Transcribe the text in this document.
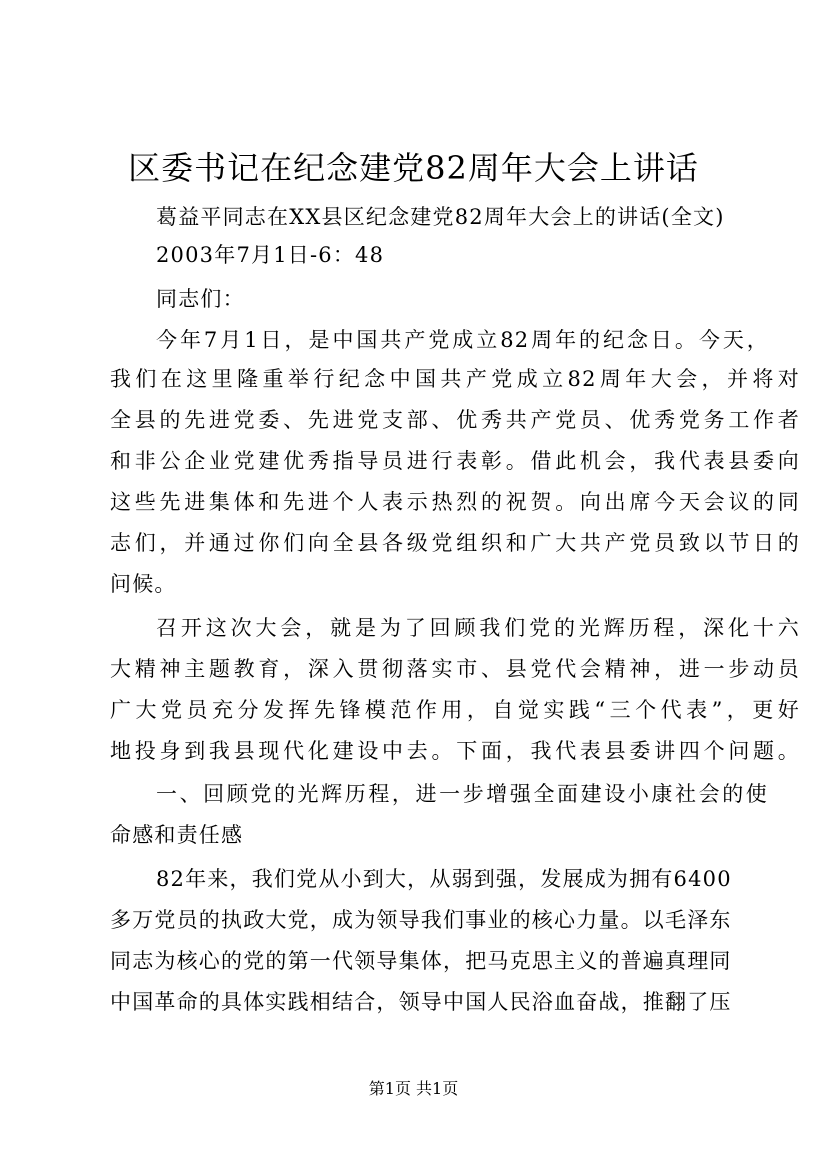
区委书记在纪念建党82周年大会上讲话
葛益平同志在XX县区纪念建党82周年大会上的讲话(全文)
2003年7月1日-6：48
同志们：
今年7月1日，是中国共产党成立82周年的纪念日。今天，
我们在这里隆重举行纪念中国共产党成立82周年大会，并将对
全县的先进党委、先进党支部、优秀共产党员、优秀党务工作者
和非公企业党建优秀指导员进行表彰。借此机会，我代表县委向
这些先进集体和先进个人表示热烈的祝贺。向出席今天会议的同
志们，并通过你们向全县各级党组织和广大共产党员致以节日的
问候。
召开这次大会，就是为了回顾我们党的光辉历程，深化十六
大精神主题教育，深入贯彻落实市、县党代会精神，进一步动员
广大党员充分发挥先锋模范作用，自觉实践“三个代表”，更好
地投身到我县现代化建设中去。下面，我代表县委讲四个问题。
一、回顾党的光辉历程，进一步增强全面建设小康社会的使
命感和责任感
82年来，我们党从小到大，从弱到强，发展成为拥有6400
多万党员的执政大党，成为领导我们事业的核心力量。以毛泽东
同志为核心的党的第一代领导集体，把马克思主义的普遍真理同
中国革命的具体实践相结合，领导中国人民浴血奋战，推翻了压
第1页 共1页
